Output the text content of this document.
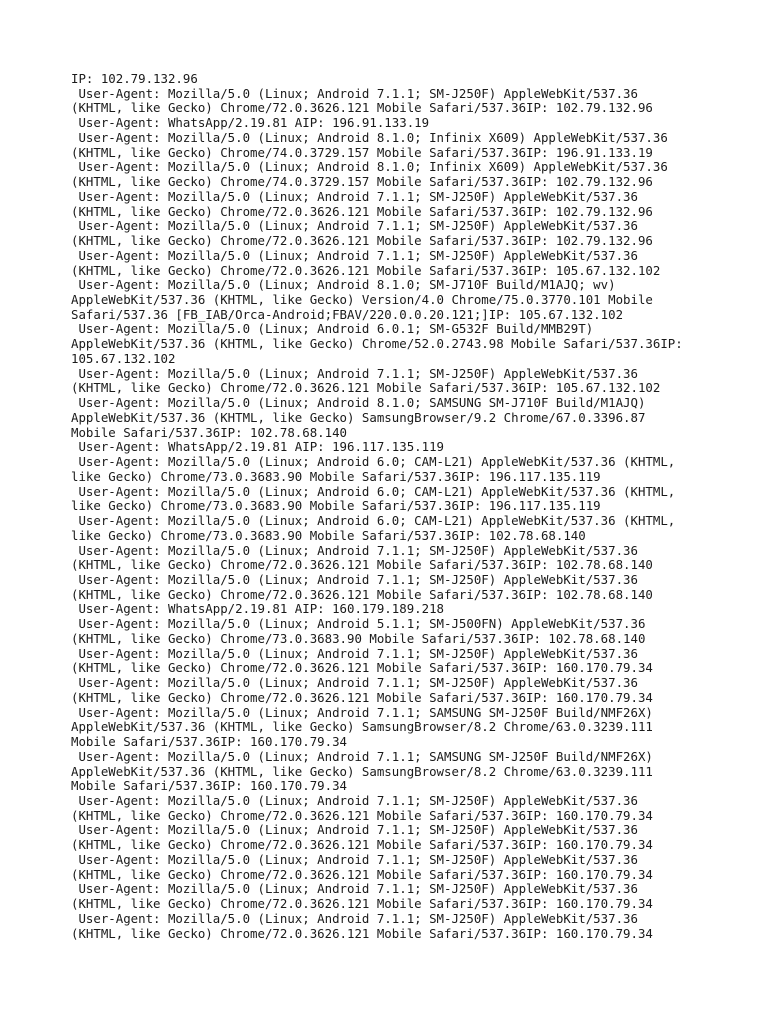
IP: 102.79.132.96
User-Agent: Mozilla/5.0 (Linux; Android 7.1.1; SM-J250F) AppleWebKit/537.36
(KHTML, like Gecko) Chrome/72.0.3626.121 Mobile Safari/537.36IP: 102.79.132.96
User-Agent: WhatsApp/2.19.81 AIP: 196.91.133.19
User-Agent: Mozilla/5.0 (Linux; Android 8.1.0; Infinix X609) AppleWebKit/537.36
(KHTML, like Gecko) Chrome/74.0.3729.157 Mobile Safari/537.36IP: 196.91.133.19
User-Agent: Mozilla/5.0 (Linux; Android 8.1.0; Infinix X609) AppleWebKit/537.36
(KHTML, like Gecko) Chrome/74.0.3729.157 Mobile Safari/537.36IP: 102.79.132.96
User-Agent: Mozilla/5.0 (Linux; Android 7.1.1; SM-J250F) AppleWebKit/537.36
(KHTML, like Gecko) Chrome/72.0.3626.121 Mobile Safari/537.36IP: 102.79.132.96
User-Agent: Mozilla/5.0 (Linux; Android 7.1.1; SM-J250F) AppleWebKit/537.36
(KHTML, like Gecko) Chrome/72.0.3626.121 Mobile Safari/537.36IP: 102.79.132.96
User-Agent: Mozilla/5.0 (Linux; Android 7.1.1; SM-J250F) AppleWebKit/537.36
(KHTML, like Gecko) Chrome/72.0.3626.121 Mobile Safari/537.36IP: 105.67.132.102
User-Agent: Mozilla/5.0 (Linux; Android 8.1.0; SM-J710F Build/M1AJQ; wv)
AppleWebKit/537.36 (KHTML, like Gecko) Version/4.0 Chrome/75.0.3770.101 Mobile
Safari/537.36 [FB_IAB/Orca-Android;FBAV/220.0.0.20.121;]IP: 105.67.132.102
User-Agent: Mozilla/5.0 (Linux; Android 6.0.1; SM-G532F Build/MMB29T)
AppleWebKit/537.36 (KHTML, like Gecko) Chrome/52.0.2743.98 Mobile Safari/537.36IP:
105.67.132.102
User-Agent: Mozilla/5.0 (Linux; Android 7.1.1; SM-J250F) AppleWebKit/537.36
(KHTML, like Gecko) Chrome/72.0.3626.121 Mobile Safari/537.36IP: 105.67.132.102
User-Agent: Mozilla/5.0 (Linux; Android 8.1.0; SAMSUNG SM-J710F Build/M1AJQ)
AppleWebKit/537.36 (KHTML, like Gecko) SamsungBrowser/9.2 Chrome/67.0.3396.87
Mobile Safari/537.36IP: 102.78.68.140
User-Agent: WhatsApp/2.19.81 AIP: 196.117.135.119
User-Agent: Mozilla/5.0 (Linux; Android 6.0; CAM-L21) AppleWebKit/537.36 (KHTML,
like Gecko) Chrome/73.0.3683.90 Mobile Safari/537.36IP: 196.117.135.119
User-Agent: Mozilla/5.0 (Linux; Android 6.0; CAM-L21) AppleWebKit/537.36 (KHTML,
like Gecko) Chrome/73.0.3683.90 Mobile Safari/537.36IP: 196.117.135.119
User-Agent: Mozilla/5.0 (Linux; Android 6.0; CAM-L21) AppleWebKit/537.36 (KHTML,
like Gecko) Chrome/73.0.3683.90 Mobile Safari/537.36IP: 102.78.68.140
User-Agent: Mozilla/5.0 (Linux; Android 7.1.1; SM-J250F) AppleWebKit/537.36
(KHTML, like Gecko) Chrome/72.0.3626.121 Mobile Safari/537.36IP: 102.78.68.140
User-Agent: Mozilla/5.0 (Linux; Android 7.1.1; SM-J250F) AppleWebKit/537.36
(KHTML, like Gecko) Chrome/72.0.3626.121 Mobile Safari/537.36IP: 102.78.68.140
User-Agent: WhatsApp/2.19.81 AIP: 160.179.189.218
User-Agent: Mozilla/5.0 (Linux; Android 5.1.1; SM-J500FN) AppleWebKit/537.36
(KHTML, like Gecko) Chrome/73.0.3683.90 Mobile Safari/537.36IP: 102.78.68.140
User-Agent: Mozilla/5.0 (Linux; Android 7.1.1; SM-J250F) AppleWebKit/537.36
(KHTML, like Gecko) Chrome/72.0.3626.121 Mobile Safari/537.36IP: 160.170.79.34
User-Agent: Mozilla/5.0 (Linux; Android 7.1.1; SM-J250F) AppleWebKit/537.36
(KHTML, like Gecko) Chrome/72.0.3626.121 Mobile Safari/537.36IP: 160.170.79.34
User-Agent: Mozilla/5.0 (Linux; Android 7.1.1; SAMSUNG SM-J250F Build/NMF26X)
AppleWebKit/537.36 (KHTML, like Gecko) SamsungBrowser/8.2 Chrome/63.0.3239.111
Mobile Safari/537.36IP: 160.170.79.34
User-Agent: Mozilla/5.0 (Linux; Android 7.1.1; SAMSUNG SM-J250F Build/NMF26X)
AppleWebKit/537.36 (KHTML, like Gecko) SamsungBrowser/8.2 Chrome/63.0.3239.111
Mobile Safari/537.36IP: 160.170.79.34
User-Agent: Mozilla/5.0 (Linux; Android 7.1.1; SM-J250F) AppleWebKit/537.36
(KHTML, like Gecko) Chrome/72.0.3626.121 Mobile Safari/537.36IP: 160.170.79.34
User-Agent: Mozilla/5.0 (Linux; Android 7.1.1; SM-J250F) AppleWebKit/537.36
(KHTML, like Gecko) Chrome/72.0.3626.121 Mobile Safari/537.36IP: 160.170.79.34
User-Agent: Mozilla/5.0 (Linux; Android 7.1.1; SM-J250F) AppleWebKit/537.36
(KHTML, like Gecko) Chrome/72.0.3626.121 Mobile Safari/537.36IP: 160.170.79.34
User-Agent: Mozilla/5.0 (Linux; Android 7.1.1; SM-J250F) AppleWebKit/537.36
(KHTML, like Gecko) Chrome/72.0.3626.121 Mobile Safari/537.36IP: 160.170.79.34
User-Agent: Mozilla/5.0 (Linux; Android 7.1.1; SM-J250F) AppleWebKit/537.36
(KHTML, like Gecko) Chrome/72.0.3626.121 Mobile Safari/537.36IP: 160.170.79.34
